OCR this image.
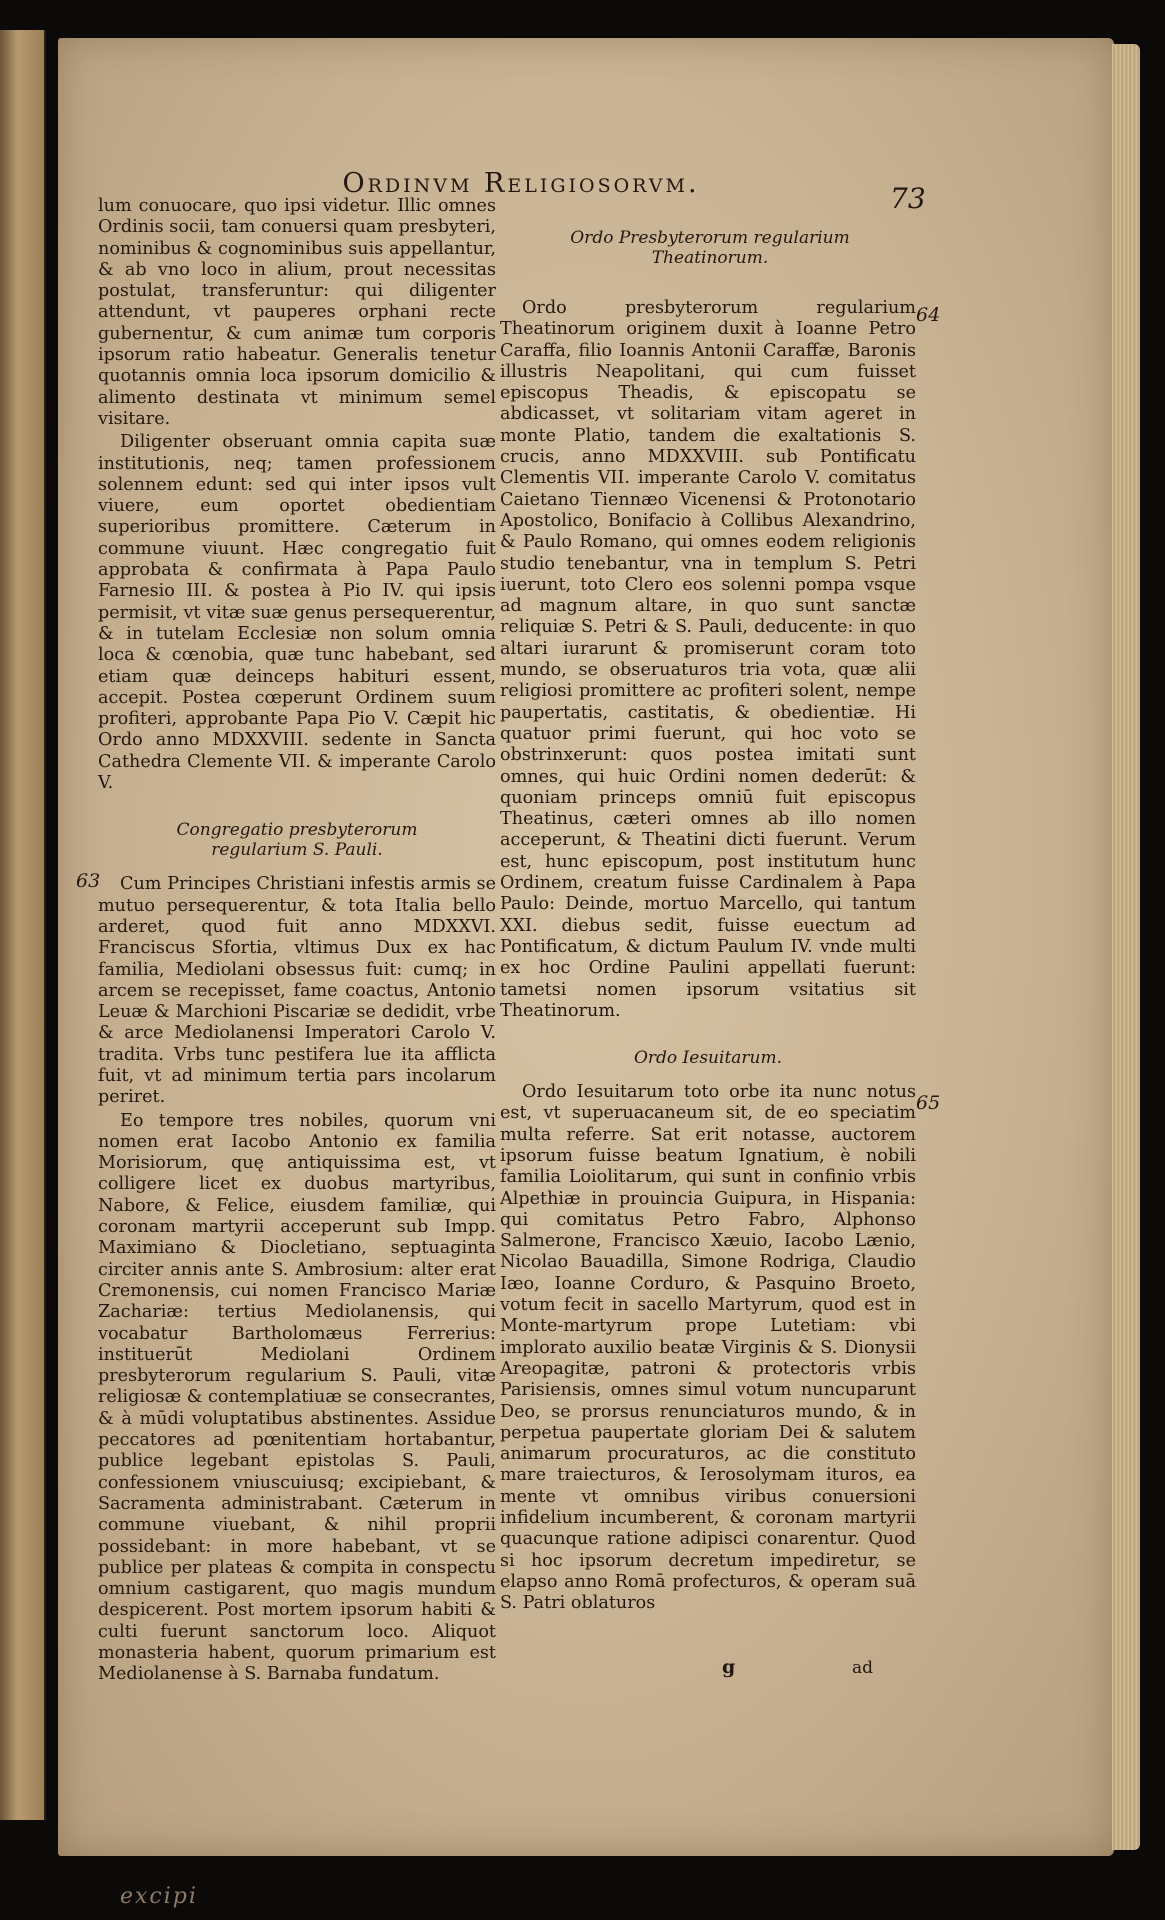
Ordinvm Religiosorvm.	73

lum conuocare, quo ipsi videtur. Illic omnes Ordinis socii, tam conuersi quam presbyteri, nominibus & cognominibus suis appellantur, & ab vno loco in alium, prout necessitas postulat, transferuntur: qui diligenter attendunt, vt pauperes orphani recte gubernentur, & cum animæ tum corporis ipsorum ratio habeatur. Generalis tenetur quotannis omnia loca ipsorum domicilio & alimento destinata vt minimum semel visitare.

Diligenter obseruant omnia capita suæ institutionis, neq; tamen professionem solennem edunt: sed qui inter ipsos vult viuere, eum oportet obedientiam superioribus promittere. Cæterum in commune viuunt. Hæc congregatio fuit approbata & confirmata à Papa Paulo Farnesio III. & postea à Pio IV. qui ipsis permisit, vt vitæ suæ genus persequerentur, & in tutelam Ecclesiæ non solum omnia loca & cœnobia, quæ tunc habebant, sed etiam quæ deinceps habituri essent, accepit. Postea cœperunt Ordinem suum profiteri, approbante Papa Pio V. Cæpit hic Ordo anno MDXXVIII. sedente in Sancta Cathedra Clemente VII. & imperante Carolo V.

Congregatio presbyterorum regularium S. Pauli.

Cum Principes Christiani infestis armis se mutuo persequerentur, & tota Italia bello arderet, quod fuit anno MDXXVI. Franciscus Sfortia, vltimus Dux ex hac familia, Mediolani obsessus fuit: cumq; in arcem se recepisset, fame coactus, Antonio Leuæ & Marchioni Piscariæ se dedidit, vrbe & arce Mediolanensi Imperatori Carolo V. tradita. Vrbs tunc pestifera lue ita afflicta fuit, vt ad minimum tertia pars incolarum periret.

Eo tempore tres nobiles, quorum vni nomen erat Iacobo Antonio ex familia Morisiorum, quę antiquissima est, vt colligere licet ex duobus martyribus, Nabore, & Felice, eiusdem familiæ, qui coronam martyrii acceperunt sub Impp. Maximiano & Diocletiano, septuaginta circiter annis ante S. Ambrosium: alter erat Cremonensis, cui nomen Francisco Mariæ Zachariæ: tertius Mediolanensis, qui vocabatur Bartholomæus Ferrerius: instituerūt Mediolani Ordinem presbyterorum regularium S. Pauli, vitæ religiosæ & contemplatiuæ se consecrantes, & à mūdi voluptatibus abstinentes. Assidue peccatores ad pœnitentiam hortabantur, publice legebant epistolas S. Pauli, confessionem vniuscuiusq; excipiebant, & Sacramenta administrabant. Cæterum in commune viuebant, & nihil proprii possidebant: in more habebant, vt se publice per plateas & compita in conspectu omnium castigarent, quo magis mundum despicerent. Post mortem ipsorum habiti & culti fuerunt sanctorum loco. Aliquot monasteria habent, quorum primarium est Mediolanense à S. Barnaba fundatum.

Ordo Presbyterorum regularium Theatinorum.

Ordo presbyterorum regularium Theatinorum originem duxit à Ioanne Petro Caraffa, filio Ioannis Antonii Caraffæ, Baronis illustris Neapolitani, qui cum fuisset episcopus Theadis, & episcopatu se abdicasset, vt solitariam vitam ageret in monte Platio, tandem die exaltationis S. crucis, anno MDXXVIII. sub Pontificatu Clementis VII. imperante Carolo V. comitatus Caietano Tiennæo Vicenensi & Protonotario Apostolico, Bonifacio à Collibus Alexandrino, & Paulo Romano, qui omnes eodem religionis studio tenebantur, vna in templum S. Petri iuerunt, toto Clero eos solenni pompa vsque ad magnum altare, in quo sunt sanctæ reliquiæ S. Petri & S. Pauli, deducente: in quo altari iurarunt & promiserunt coram toto mundo, se obseruaturos tria vota, quæ alii religiosi promittere ac profiteri solent, nempe paupertatis, castitatis, & obedientiæ. Hi quatuor primi fuerunt, qui hoc voto se obstrinxerunt: quos postea imitati sunt omnes, qui huic Ordini nomen dederūt: & quoniam princeps omniū fuit episcopus Theatinus, cæteri omnes ab illo nomen acceperunt, & Theatini dicti fuerunt. Verum est, hunc episcopum, post institutum hunc Ordinem, creatum fuisse Cardinalem à Papa Paulo: Deinde, mortuo Marcello, qui tantum XXI. diebus sedit, fuisse euectum ad Pontificatum, & dictum Paulum IV. vnde multi ex hoc Ordine Paulini appellati fuerunt: tametsi nomen ipsorum vsitatius sit Theatinorum.

Ordo Iesuitarum.

Ordo Iesuitarum toto orbe ita nunc notus est, vt superuacaneum sit, de eo speciatim multa referre. Sat erit notasse, auctorem ipsorum fuisse beatum Ignatium, è nobili familia Loiolitarum, qui sunt in confinio vrbis Alpethiæ in prouincia Guipura, in Hispania: qui comitatus Petro Fabro, Alphonso Salmerone, Francisco Xæuio, Iacobo Lænio, Nicolao Bauadilla, Simone Rodriga, Claudio Iæo, Ioanne Corduro, & Pasquino Broeto, votum fecit in sacello Martyrum, quod est in Monte-martyrum prope Lutetiam: vbi implorato auxilio beatæ Virginis & S. Dionysii Areopagitæ, patroni & protectoris vrbis Parisiensis, omnes simul votum nuncuparunt Deo, se prorsus renunciaturos mundo, & in perpetua paupertate gloriam Dei & salutem animarum procuraturos, ac die constituto mare traiecturos, & Ierosolymam ituros, ea mente vt omnibus viribus conuersioni infidelium incumberent, & coronam martyrii quacunque ratione adipisci conarentur. Quod si hoc ipsorum decretum impediretur, se elapso anno Romā profecturos, & operam suā S. Patri oblaturos

63
64
65
g	ad
excipi
